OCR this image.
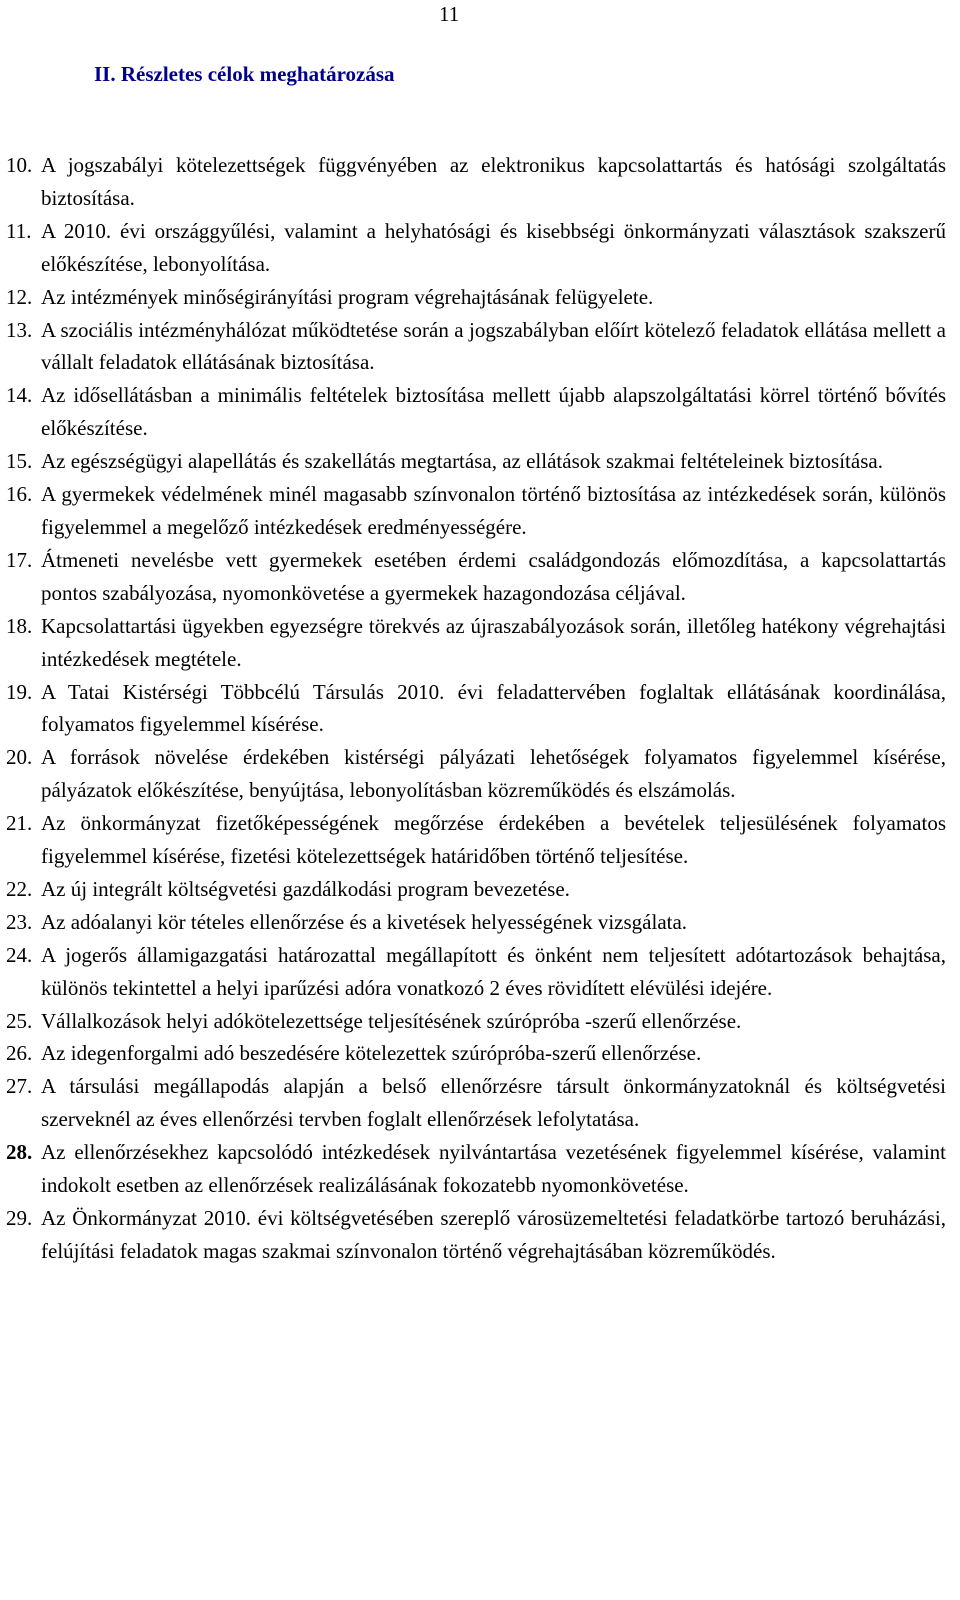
11
II. Részletes célok meghatározása
10. A jogszabályi kötelezettségek függvényében az elektronikus kapcsolattartás és hatósági szolgáltatás biztosítása.
11. A 2010. évi országgyűlési, valamint a helyhatósági és kisebbségi önkormányzati választások szakszerű előkészítése, lebonyolítása.
12. Az intézmények minőségirányítási program végrehajtásának felügyelete.
13. A szociális intézményhálózat működtetése során a jogszabályban előírt kötelező feladatok ellátása mellett a vállalt feladatok ellátásának biztosítása.
14. Az idősellátásban a minimális feltételek biztosítása mellett újabb alapszolgáltatási körrel történő bővítés előkészítése.
15. Az egészségügyi alapellátás és szakellátás megtartása, az ellátások szakmai feltételeinek biztosítása.
16. A gyermekek védelmének minél magasabb színvonalon történő biztosítása az intézkedések során, különös figyelemmel a megelőző intézkedések eredményességére.
17. Átmeneti nevelésbe vett gyermekek esetében érdemi családgondozás előmozdítása, a kapcsolattartás pontos szabályozása, nyomonkövetése a gyermekek hazagondozása céljával.
18. Kapcsolattartási ügyekben egyezségre törekvés az újraszabályozások során, illetőleg hatékony végrehajtási intézkedések megtétele.
19. A Tatai Kistérségi Többcélú Társulás 2010. évi feladattervében foglaltak ellátásának koordinálása, folyamatos figyelemmel kísérése.
20. A források növelése érdekében kistérségi pályázati lehetőségek folyamatos figyelemmel kísérése, pályázatok előkészítése, benyújtása, lebonyolításban közreműködés és elszámolás.
21. Az önkormányzat fizetőképességének megőrzése érdekében a bevételek teljesülésének folyamatos figyelemmel kísérése, fizetési kötelezettségek határidőben történő teljesítése.
22. Az új integrált költségvetési gazdálkodási program bevezetése.
23. Az adóalanyi kör tételes ellenőrzése és a kivetések helyességének vizsgálata.
24. A jogerős államigazgatási határozattal megállapított és önként nem teljesített adótartozások behajtása, különös tekintettel a helyi iparűzési adóra vonatkozó 2 éves rövidített elévülési idejére.
25. Vállalkozások helyi adókötelezettsége teljesítésének szúrópróba -szerű ellenőrzése.
26. Az idegenforgalmi adó beszedésére kötelezettek szúrópróba-szerű ellenőrzése.
27. A társulási megállapodás alapján a belső ellenőrzésre társult önkormányzatoknál és költségvetési szerveknél az éves ellenőrzési tervben foglalt ellenőrzések lefolytatása.
28. Az ellenőrzésekhez kapcsolódó intézkedések nyilvántartása vezetésének figyelemmel kísérése, valamint indokolt esetben az ellenőrzések realizálásának fokozatebb nyomonkövetése.
29. Az Önkormányzat 2010. évi költségvetésében szereplő városüzemeltetési feladatkörbe tartozó beruházási, felújítási feladatok magas szakmai színvonalon történő végrehajtásában közreműködés.
